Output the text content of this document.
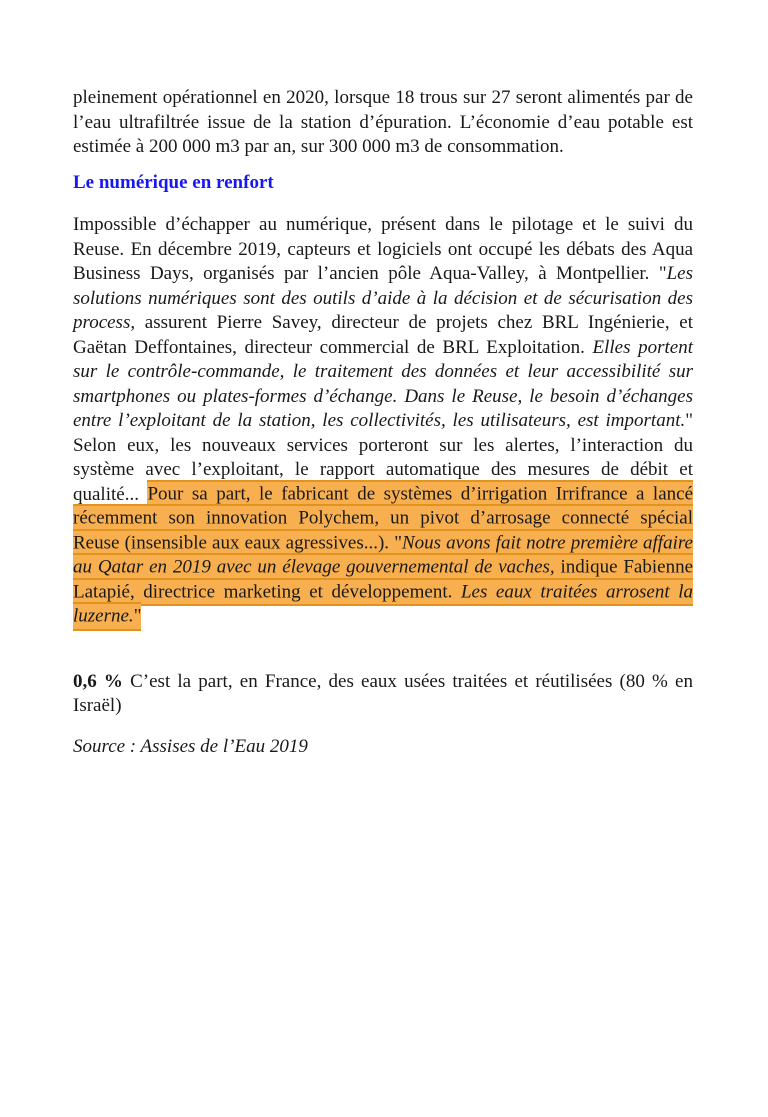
pleinement opérationnel en 2020, lorsque 18 trous sur 27 seront alimentés par de l’eau ultrafiltrée issue de la station d’épuration. L’économie d’eau potable est estimée à 200 000 m3 par an, sur 300 000 m3 de consommation.

Le numérique en renfort

Impossible d’échapper au numérique, présent dans le pilotage et le suivi du Reuse. En décembre 2019, capteurs et logiciels ont occupé les débats des Aqua Business Days, organisés par l’ancien pôle Aqua-Valley, à Montpellier. "Les solutions numériques sont des outils d’aide à la décision et de sécurisation des process, assurent Pierre Savey, directeur de projets chez BRL Ingénierie, et Gaëtan Deffontaines, directeur commercial de BRL Exploitation. Elles portent sur le contrôle-commande, le traitement des données et leur accessibilité sur smartphones ou plates-formes d’échange. Dans le Reuse, le besoin d’échanges entre l’exploitant de la station, les collectivités, les utilisateurs, est important." Selon eux, les nouveaux services porteront sur les alertes, l’interaction du système avec l’exploitant, le rapport automatique des mesures de débit et qualité... Pour sa part, le fabricant de systèmes d’irrigation Irrifrance a lancé récemment son innovation Polychem, un pivot d’arrosage connecté spécial Reuse (insensible aux eaux agressives...). "Nous avons fait notre première affaire au Qatar en 2019 avec un élevage gouvernemental de vaches, indique Fabienne Latapié, directrice marketing et développement. Les eaux traitées arrosent la luzerne."

0,6 % C’est la part, en France, des eaux usées traitées et réutilisées (80 % en Israël)

Source : Assises de l’Eau 2019
